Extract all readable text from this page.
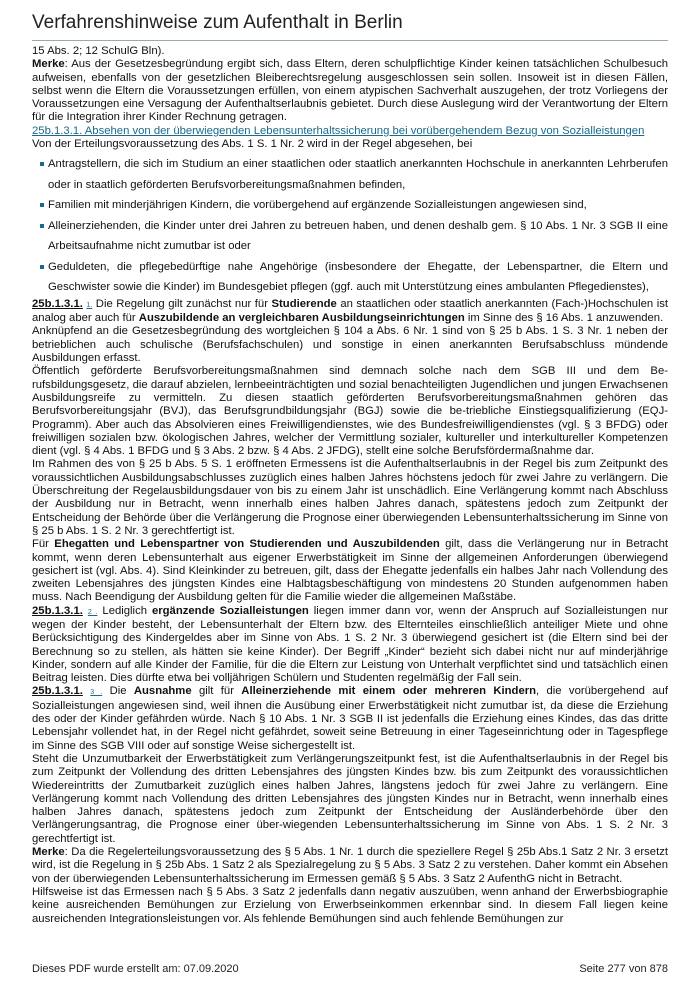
Verfahrenshinweise zum Aufenthalt in Berlin

15 Abs. 2; 12 SchulG Bln).

Merke: Aus der Gesetzesbegründung ergibt sich, dass Eltern, deren schulpflichtige Kinder keinen tatsächlichen Schulbesuch aufweisen, ebenfalls von der gesetzlichen Bleiberechtsregelung ausgeschlossen sein sollen. Insoweit ist in diesen Fällen, selbst wenn die Eltern die Voraussetzungen erfüllen, von einem atypischen Sachverhalt auszugehen, der trotz Vorliegens der Voraussetzungen eine Versagung der Aufenthaltserlaubnis gebietet. Durch diese Auslegung wird der Verantwortung der Eltern für die Integration ihrer Kinder Rechnung getragen.

25b.1.3.1. Absehen von der überwiegenden Lebensunterhaltssicherung bei vorübergehendem Bezug von Sozialleistungen

Von der Erteilungsvoraussetzung des Abs. 1 S. 1 Nr. 2 wird in der Regel abgesehen, bei

Antragstellern, die sich im Studium an einer staatlichen oder staatlich anerkannten Hochschule in anerkannten Lehrberufen oder in staatlich geförderten Berufsvorbereitungsmaßnahmen befinden,
Familien mit minderjährigen Kindern, die vorübergehend auf ergänzende Sozialleistungen angewiesen sind,
Alleinerziehenden, die Kinder unter drei Jahren zu betreuen haben, und denen deshalb gem. § 10 Abs. 1 Nr. 3 SGB II eine Arbeitsaufnahme nicht zumutbar ist oder
Geduldeten, die pflegebedürftige nahe Angehörige (insbesondere der Ehegatte, der Lebenspartner, die Eltern und Geschwister sowie die Kinder) im Bundesgebiet pflegen (ggf. auch mit Unterstützung eines ambulanten Pflegedienstes),

25b.1.3.1. 1. Die Regelung gilt zunächst nur für Studierende an staatlichen oder staatlich anerkannten (Fach-)Hochschulen ist analog aber auch für Auszubildende an vergleichbaren Ausbildungseinrichtungen im Sinne des § 16 Abs. 1 anzuwenden.

Anknüpfend an die Gesetzesbegründung des wortgleichen § 104 a Abs. 6 Nr. 1 sind von § 25 b Abs. 1 S. 3 Nr. 1 neben der betrieblichen auch schulische (Berufsfachschulen) und sonstige in einen anerkannten Berufsabschluss mündende Ausbildungen erfasst.

Öffentlich geförderte Berufsvorbereitungsmaßnahmen sind demnach solche nach dem SGB III und dem Be-rufsbildungsgesetz, die darauf abzielen, lernbeeinträchtigten und sozial benachteiligten Jugendlichen und jungen Erwachsenen Ausbildungsreife zu vermitteln. Zu diesen staatlich geförderten Berufsvorbereitungsmaßnahmen gehören das Berufsvorbereitungsjahr (BVJ), das Berufsgrundbildungsjahr (BGJ) sowie die be-triebliche Einstiegsqualifizierung (EQJ-Programm). Aber auch das Absolvieren eines Freiwilligendienstes, wie des Bundesfreiwilligendienstes (vgl. § 3 BFDG) oder freiwilligen sozialen bzw. ökologischen Jahres, welcher der Vermittlung sozialer, kultureller und interkultureller Kompetenzen dient (vgl. § 4 Abs. 1 BFDG und § 3 Abs. 2 bzw. § 4 Abs. 2 JFDG), stellt eine solche Berufsfördermaßnahme dar.

Im Rahmen des von § 25 b Abs. 5 S. 1 eröffneten Ermessens ist die Aufenthaltserlaubnis in der Regel bis zum Zeitpunkt des voraussichtlichen Ausbildungsabschlusses zuzüglich eines halben Jahres höchstens jedoch für zwei Jahre zu verlängern. Die Überschreitung der Regelausbildungsdauer von bis zu einem Jahr ist unschädlich. Eine Verlängerung kommt nach Abschluss der Ausbildung nur in Betracht, wenn innerhalb eines halben Jahres danach, spätestens jedoch zum Zeitpunkt der Entscheidung der Behörde über die Verlängerung die Prognose einer überwiegenden Lebensunterhaltssicherung im Sinne von § 25 b Abs. 1 S. 2 Nr. 3 gerechtfertigt ist.

Für Ehegatten und Lebenspartner von Studierenden und Auszubildenden gilt, dass die Verlängerung nur in Betracht kommt, wenn deren Lebensunterhalt aus eigener Erwerbstätigkeit im Sinne der allgemeinen Anforderungen überwiegend gesichert ist (vgl. Abs. 4). Sind Kleinkinder zu betreuen, gilt, dass der Ehegatte jedenfalls ein halbes Jahr nach Vollendung des zweiten Lebensjahres des jüngsten Kindes eine Halbtagsbeschäftigung von mindestens 20 Stunden aufgenommen haben muss. Nach Beendigung der Ausbildung gelten für die Familie wieder die allgemeinen Maßstäbe.

25b.1.3.1. 2 . Lediglich ergänzende Sozialleistungen liegen immer dann vor, wenn der Anspruch auf Sozialleistungen nur wegen der Kinder besteht, der Lebensunterhalt der Eltern bzw. des Elternteiles einschließlich anteiliger Miete und ohne Berücksichtigung des Kindergeldes aber im Sinne von Abs. 1 S. 2 Nr. 3 überwiegend gesichert ist (die Eltern sind bei der Berechnung so zu stellen, als hätten sie keine Kinder). Der Begriff „Kinder“ bezieht sich dabei nicht nur auf minderjährige Kinder, sondern auf alle Kinder der Familie, für die die Eltern zur Leistung von Unterhalt verpflichtet sind und tatsächlich einen Beitrag leisten. Dies dürfte etwa bei volljährigen Schülern und Studenten regelmäßig der Fall sein.

25b.1.3.1. 3 . Die Ausnahme gilt für Alleinerziehende mit einem oder mehreren Kindern, die vorübergehend auf Sozialleistungen angewiesen sind, weil ihnen die Ausübung einer Erwerbstätigkeit nicht zumutbar ist, da diese die Erziehung des oder der Kinder gefährden würde. Nach § 10 Abs. 1 Nr. 3 SGB II ist jedenfalls die Erziehung eines Kindes, das das dritte Lebensjahr vollendet hat, in der Regel nicht gefährdet, soweit seine Betreuung in einer Tageseinrichtung oder in Tagespflege im Sinne des SGB VIII oder auf sonstige Weise sichergestellt ist.

Steht die Unzumutbarkeit der Erwerbstätigkeit zum Verlängerungszeitpunkt fest, ist die Aufenthaltserlaubnis in der Regel bis zum Zeitpunkt der Vollendung des dritten Lebensjahres des jüngsten Kindes bzw. bis zum Zeitpunkt des voraussichtlichen Wiedereintritts der Zumutbarkeit zuzüglich eines halben Jahres, längstens jedoch für zwei Jahre zu verlängern. Eine Verlängerung kommt nach Vollendung des dritten Lebensjahres des jüngsten Kindes nur in Betracht, wenn innerhalb eines halben Jahres danach, spätestens jedoch zum Zeitpunkt der Entscheidung der Ausländerbehörde über den Verlängerungsantrag, die Prognose einer über-wiegenden Lebensunterhaltssicherung im Sinne von Abs. 1 S. 2 Nr. 3 gerechtfertigt ist.

Merke: Da die Regelerteilungsvoraussetzung des § 5 Abs. 1 Nr. 1 durch die speziellere Regel § 25b Abs.1 Satz 2 Nr. 3 ersetzt wird, ist die Regelung in § 25b Abs. 1 Satz 2 als Spezialregelung zu § 5 Abs. 3 Satz 2 zu verstehen. Daher kommt ein Absehen von der überwiegenden Lebensunterhaltssicherung im Ermessen gemäß § 5 Abs. 3 Satz 2 AufenthG nicht in Betracht.

Hilfsweise ist das Ermessen nach § 5 Abs. 3 Satz 2 jedenfalls dann negativ auszuüben, wenn anhand der Erwerbsbiographie keine ausreichenden Bemühungen zur Erzielung von Erwerbseinkommen erkennbar sind. In diesem Fall liegen keine ausreichenden Integrationsleistungen vor. Als fehlende Bemühungen sind auch fehlende Bemühungen zur

Dieses PDF wurde erstellt am: 07.09.2020	Seite 277 von 878
